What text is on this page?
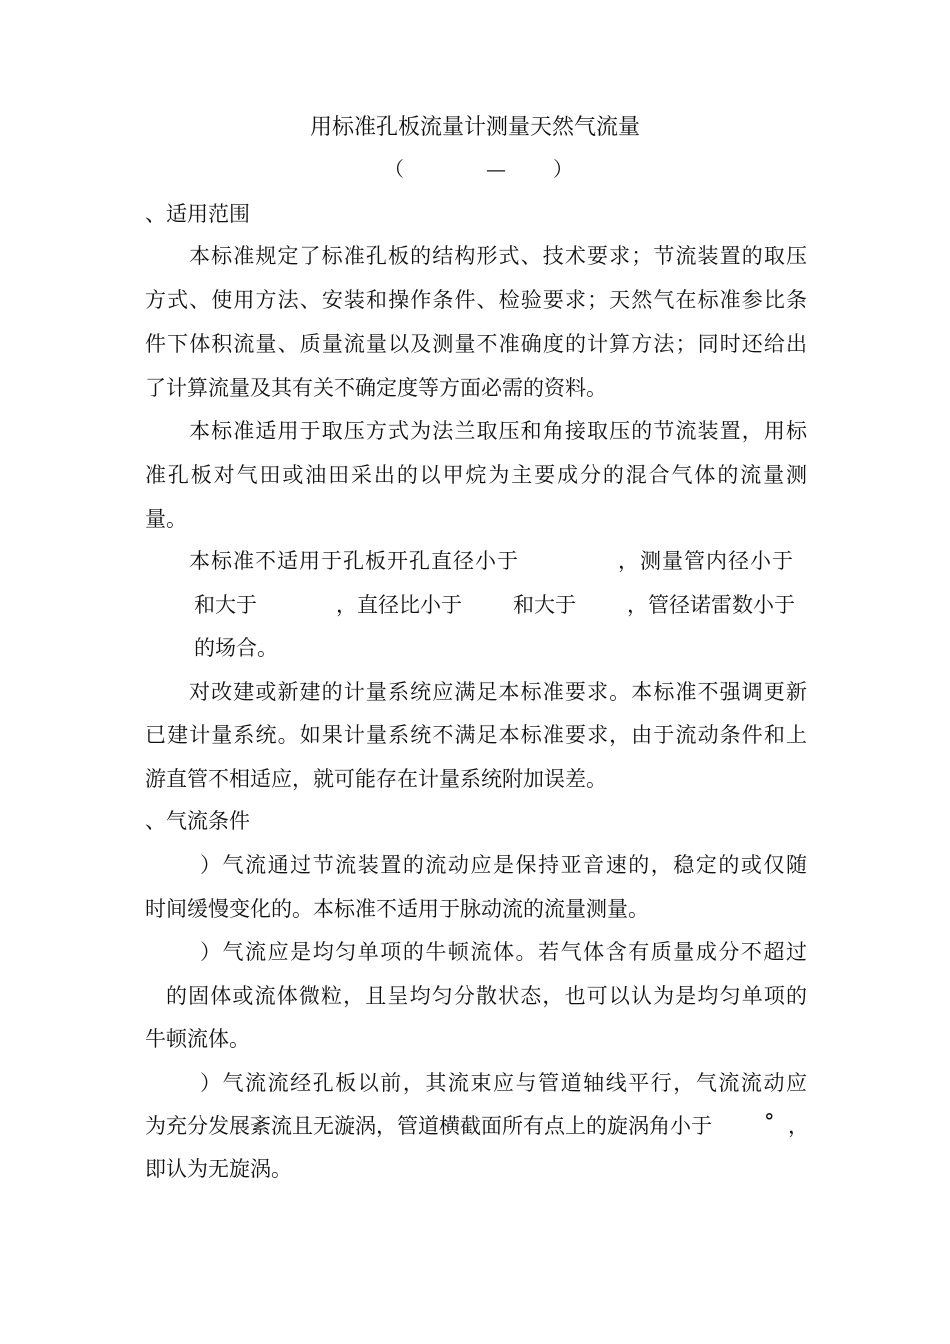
用标准孔板流量计测量天然气流量
（	— ）
、适用范围
本标准规定了标准孔板的结构形式、技术要求；节流装置的取压
方式、使用方法、安装和操作条件、检验要求；天然气在标准参比条
件下体积流量、质量流量以及测量不准确度的计算方法；同时还给出
了计算流量及其有关不确定度等方面必需的资料。
本标准适用于取压方式为法兰取压和角接取压的节流装置，用标
准孔板对气田或油田采出的以甲烷为主要成分的混合气体的流量测
量。
本标准不适用于孔板开孔直径小于	，测量管内径小于
和大于	，直径比小于 和大于 ，管径诺雷数小于
的场合。
对改建或新建的计量系统应满足本标准要求。本标准不强调更新
已建计量系统。如果计量系统不满足本标准要求，由于流动条件和上
游直管不相适应，就可能存在计量系统附加误差。
、气流条件
）气流通过节流装置的流动应是保持亚音速的，稳定的或仅随
时间缓慢变化的。本标准不适用于脉动流的流量测量。
）气流应是均匀单项的牛顿流体。若气体含有质量成分不超过
的固体或流体微粒，且呈均匀分散状态，也可以认为是均匀单项的
牛顿流体。
）气流流经孔板以前，其流束应与管道轴线平行，气流流动应
为充分发展紊流且无漩涡，管道横截面所有点上的旋涡角小于 ° ，
即认为无旋涡。
